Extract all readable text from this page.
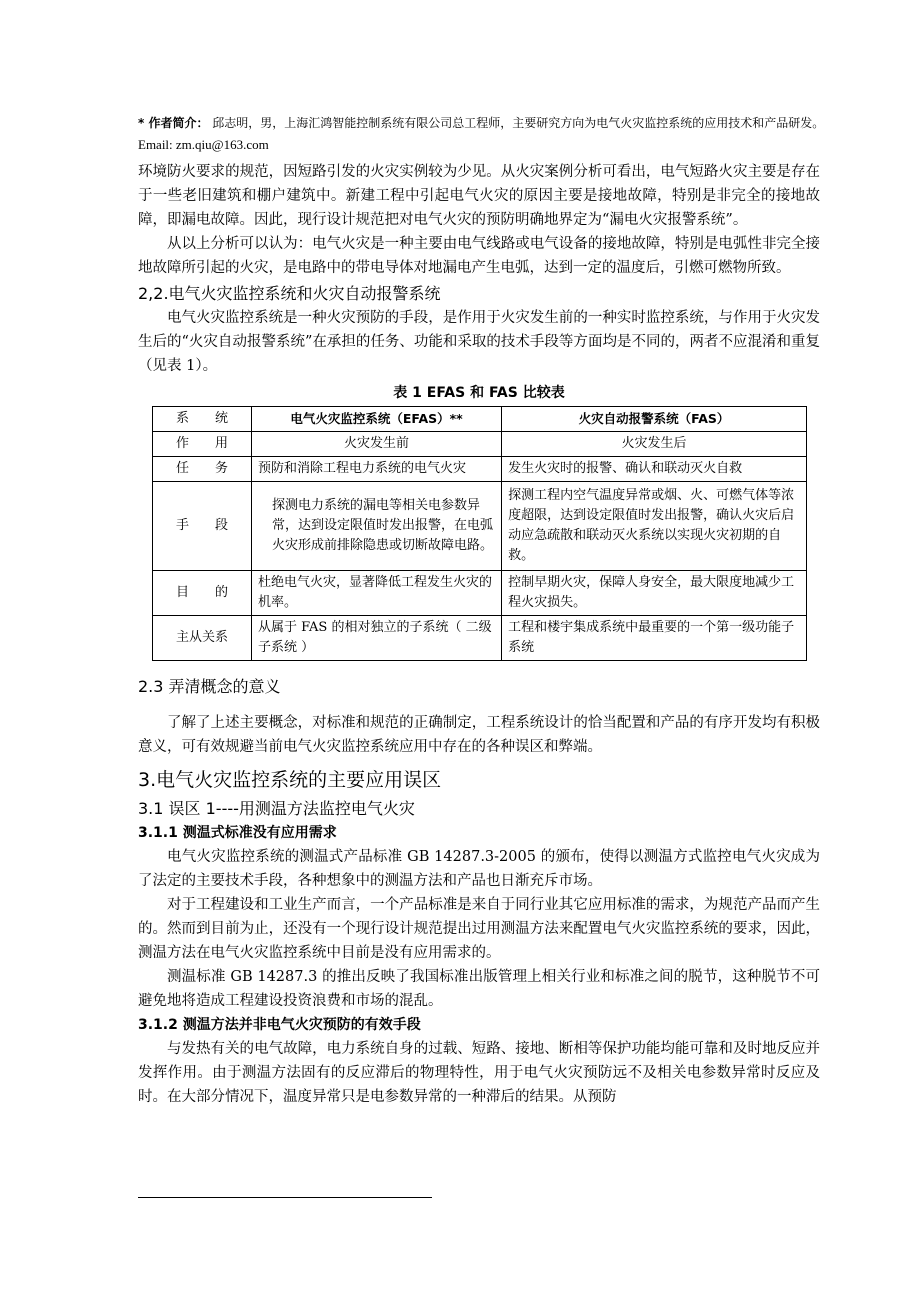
* 作者简介： 邱志明，男，上海汇鸿智能控制系统有限公司总工程师，主要研究方向为电气火灾监控系统的应用技术和产品研发。 Email: zm.qiu@163.com

环境防火要求的规范，因短路引发的火灾实例较为少见。从火灾案例分析可看出，电气短路火灾主要是存在于一些老旧建筑和棚户建筑中。新建工程中引起电气火灾的原因主要是接地故障，特别是非完全的接地故障，即漏电故障。因此，现行设计规范把对电气火灾的预防明确地界定为“漏电火灾报警系统”。

从以上分析可以认为：电气火灾是一种主要由电气线路或电气设备的接地故障，特别是电弧性非完全接地故障所引起的火灾，是电路中的带电导体对地漏电产生电弧，达到一定的温度后，引燃可燃物所致。

2,2.电气火灾监控系统和火灾自动报警系统

电气火灾监控系统是一种火灾预防的手段，是作用于火灾发生前的一种实时监控系统，与作用于火灾发生后的“火灾自动报警系统”在承担的任务、功能和采取的技术手段等方面均是不同的，两者不应混淆和重复（见表 1）。

表 1 EFAS 和 FAS 比较表
系　　统	电气火灾监控系统（EFAS）**	火灾自动报警系统（FAS）
作　　用	火灾发生前	火灾发生后
任　　务	预防和消除工程电力系统的电气火灾	发生火灾时的报警、确认和联动灭火自救
手　　段	探测电力系统的漏电等相关电参数异常，达到设定限值时发出报警，在电弧火灾形成前排除隐患或切断故障电路。	探测工程内空气温度异常或烟、火、可燃气体等浓度超限，达到设定限值时发出报警，确认火灾后启动应急疏散和联动灭火系统以实现火灾初期的自救。
目　　的	杜绝电气火灾，显著降低工程发生火灾的机率。	控制早期火灾，保障人身安全，最大限度地减少工程火灾损失。
主从关系	从属于 FAS 的相对独立的子系统（ 二级子系统 ）	工程和楼宇集成系统中最重要的一个第一级功能子系统
2.3 弄清概念的意义

了解了上述主要概念，对标准和规范的正确制定，工程系统设计的恰当配置和产品的有序开发均有积极意义，可有效规避当前电气火灾监控系统应用中存在的各种误区和弊端。

3.电气火灾监控系统的主要应用误区
3.1 误区 1----用测温方法监控电气火灾
3.1.1 测温式标准没有应用需求

电气火灾监控系统的测温式产品标准 GB 14287.3-2005 的颁布，使得以测温方式监控电气火灾成为了法定的主要技术手段，各种想象中的测温方法和产品也日渐充斥市场。

对于工程建设和工业生产而言，一个产品标准是来自于同行业其它应用标准的需求，为规范产品而产生的。然而到目前为止，还没有一个现行设计规范提出过用测温方法来配置电气火灾监控系统的要求，因此，测温方法在电气火灾监控系统中目前是没有应用需求的。

测温标准 GB 14287.3 的推出反映了我国标准出版管理上相关行业和标准之间的脱节，这种脱节不可避免地将造成工程建设投资浪费和市场的混乱。

3.1.2 测温方法并非电气火灾预防的有效手段

与发热有关的电气故障，电力系统自身的过载、短路、接地、断相等保护功能均能可靠和及时地反应并发挥作用。由于测温方法固有的反应滞后的物理特性，用于电气火灾预防远不及相关电参数异常时反应及时。在大部分情况下，温度异常只是电参数异常的一种滞后的结果。从预防
